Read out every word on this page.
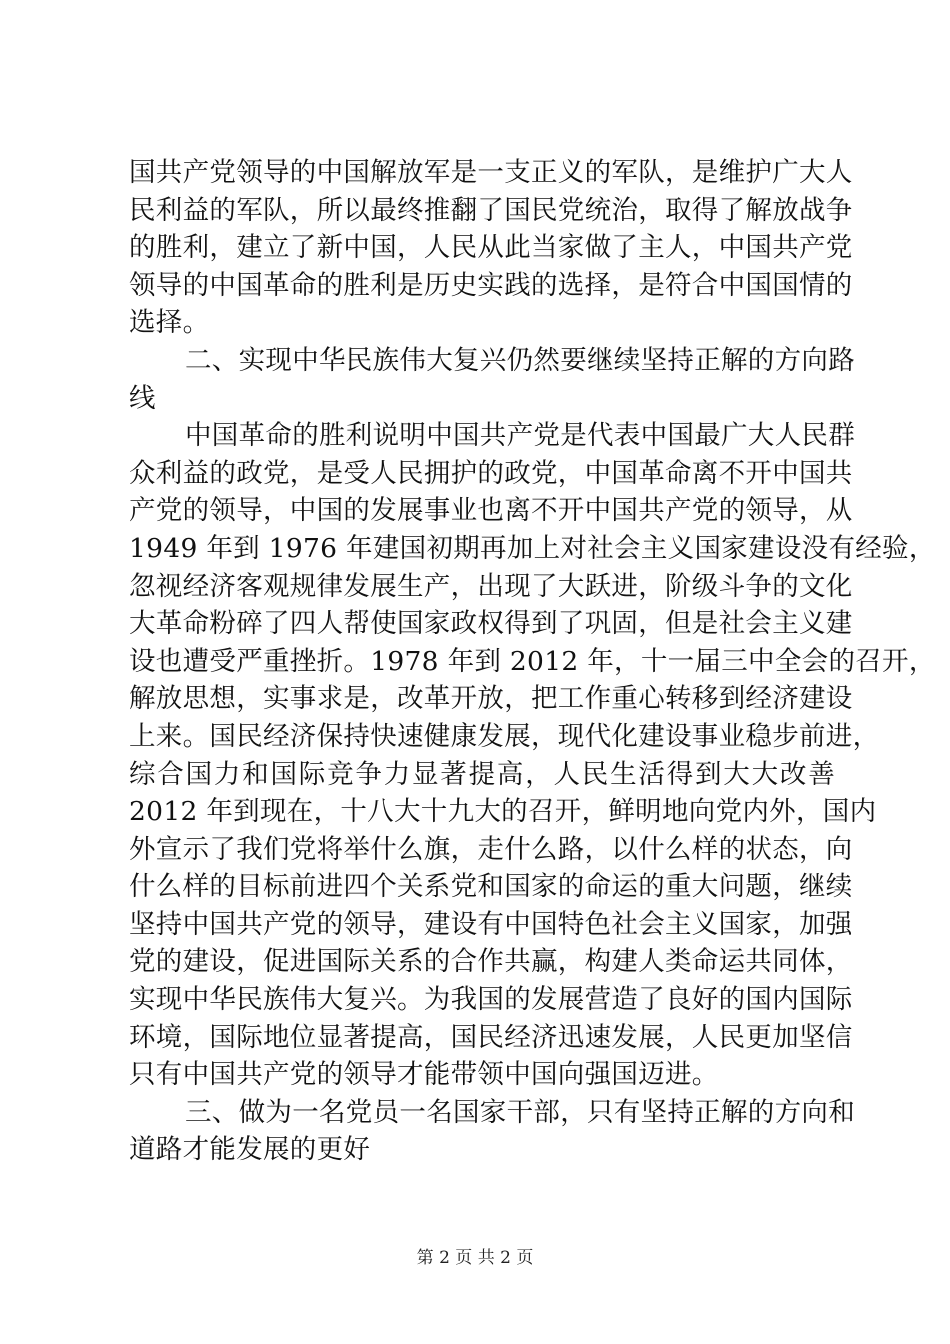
国共产党领导的中国解放军是一支正义的军队，是维护广大人
民利益的军队，所以最终推翻了国民党统治，取得了解放战争
的胜利，建立了新中国，人民从此当家做了主人，中国共产党
领导的中国革命的胜利是历史实践的选择，是符合中国国情的
选择。
二、实现中华民族伟大复兴仍然要继续坚持正解的方向路
线
中国革命的胜利说明中国共产党是代表中国最广大人民群
众利益的政党，是受人民拥护的政党，中国革命离不开中国共
产党的领导，中国的发展事业也离不开中国共产党的领导，从
1949 年到 1976 年建国初期再加上对社会主义国家建设没有经验，
忽视经济客观规律发展生产，出现了大跃进，阶级斗争的文化
大革命粉碎了四人帮使国家政权得到了巩固，但是社会主义建
设也遭受严重挫折。1978 年到 2012 年，十一届三中全会的召开，
解放思想，实事求是，改革开放，把工作重心转移到经济建设
上来。国民经济保持快速健康发展，现代化建设事业稳步前进，
综合国力和国际竞争力显著提高，人民生活得到大大改善
2012 年到现在，十八大十九大的召开，鲜明地向党内外，国内
外宣示了我们党将举什么旗，走什么路，以什么样的状态，向
什么样的目标前进四个关系党和国家的命运的重大问题，继续
坚持中国共产党的领导，建设有中国特色社会主义国家，加强
党的建设，促进国际关系的合作共赢，构建人类命运共同体，
实现中华民族伟大复兴。为我国的发展营造了良好的国内国际
环境，国际地位显著提高，国民经济迅速发展，人民更加坚信
只有中国共产党的领导才能带领中国向强国迈进。
三、做为一名党员一名国家干部，只有坚持正解的方向和
道路才能发展的更好
第 2 页 共 2 页
